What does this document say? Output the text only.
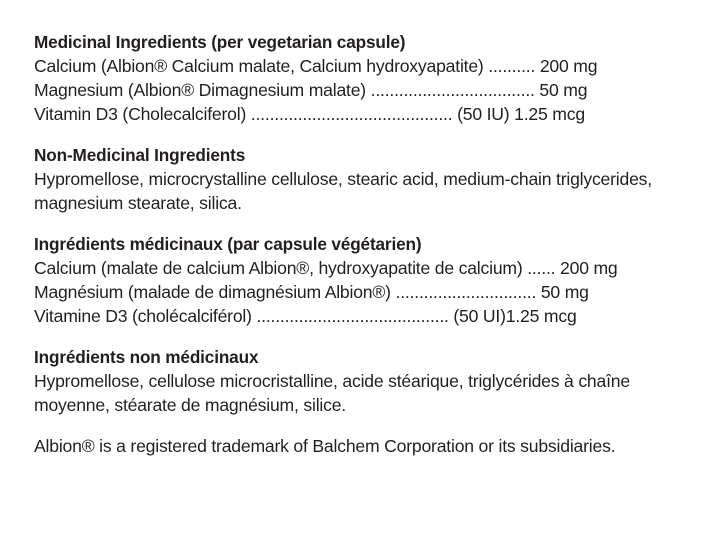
Medicinal Ingredients (per vegetarian capsule)

Calcium (Albion® Calcium malate, Calcium hydroxyapatite) .......... 200 mg

Magnesium (Albion® Dimagnesium malate) ................................... 50 mg

Vitamin D3 (Cholecalciferol) ........................................... (50 IU) 1.25 mcg

Non-Medicinal Ingredients

Hypromellose, microcrystalline cellulose, stearic acid, medium-chain triglycerides, magnesium stearate, silica.

Ingrédients médicinaux (par capsule végétarien)

Calcium (malate de calcium Albion®, hydroxyapatite de calcium) ...... 200 mg

Magnésium (malade de dimagnésium Albion®) .............................. 50 mg

Vitamine D3 (cholécalciférol) ......................................... (50 UI)1.25 mcg

Ingrédients non médicinaux

Hypromellose, cellulose microcristalline, acide stéarique, triglycérides à chaîne moyenne, stéarate de magnésium, silice.

Albion® is a registered trademark of Balchem Corporation or its subsidiaries.
